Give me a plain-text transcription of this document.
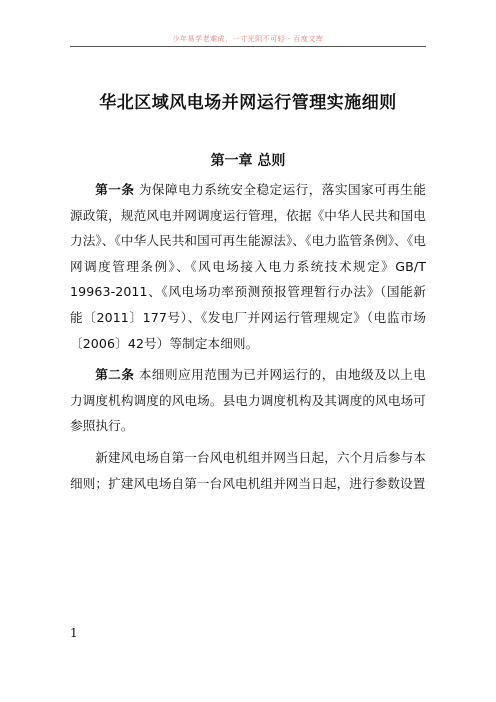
少年易学老难成，一寸光阴不可轻 - 百度文库
华北区域风电场并网运行管理实施细则
第一章 总则

第一条 为保障电力系统安全稳定运行，落实国家可再生能源政策，规范风电并网调度运行管理，依据《中华人民共和国电力法》、《中华人民共和国可再生能源法》、《电力监管条例》、《电网调度管理条例》、《风电场接入电力系统技术规定》GB/T 19963-2011、《风电场功率预测预报管理暂行办法》（国能新能〔2011〕177号）、《发电厂并网运行管理规定》（电监市场〔2006〕42号）等制定本细则。

第二条 本细则应用范围为已并网运行的，由地级及以上电力调度机构调度的风电场。县电力调度机构及其调度的风电场可参照执行。

新建风电场自第一台风电机组并网当日起，六个月后参与本细则；扩建风电场自第一台风电机组并网当日起，进行参数设置

1
